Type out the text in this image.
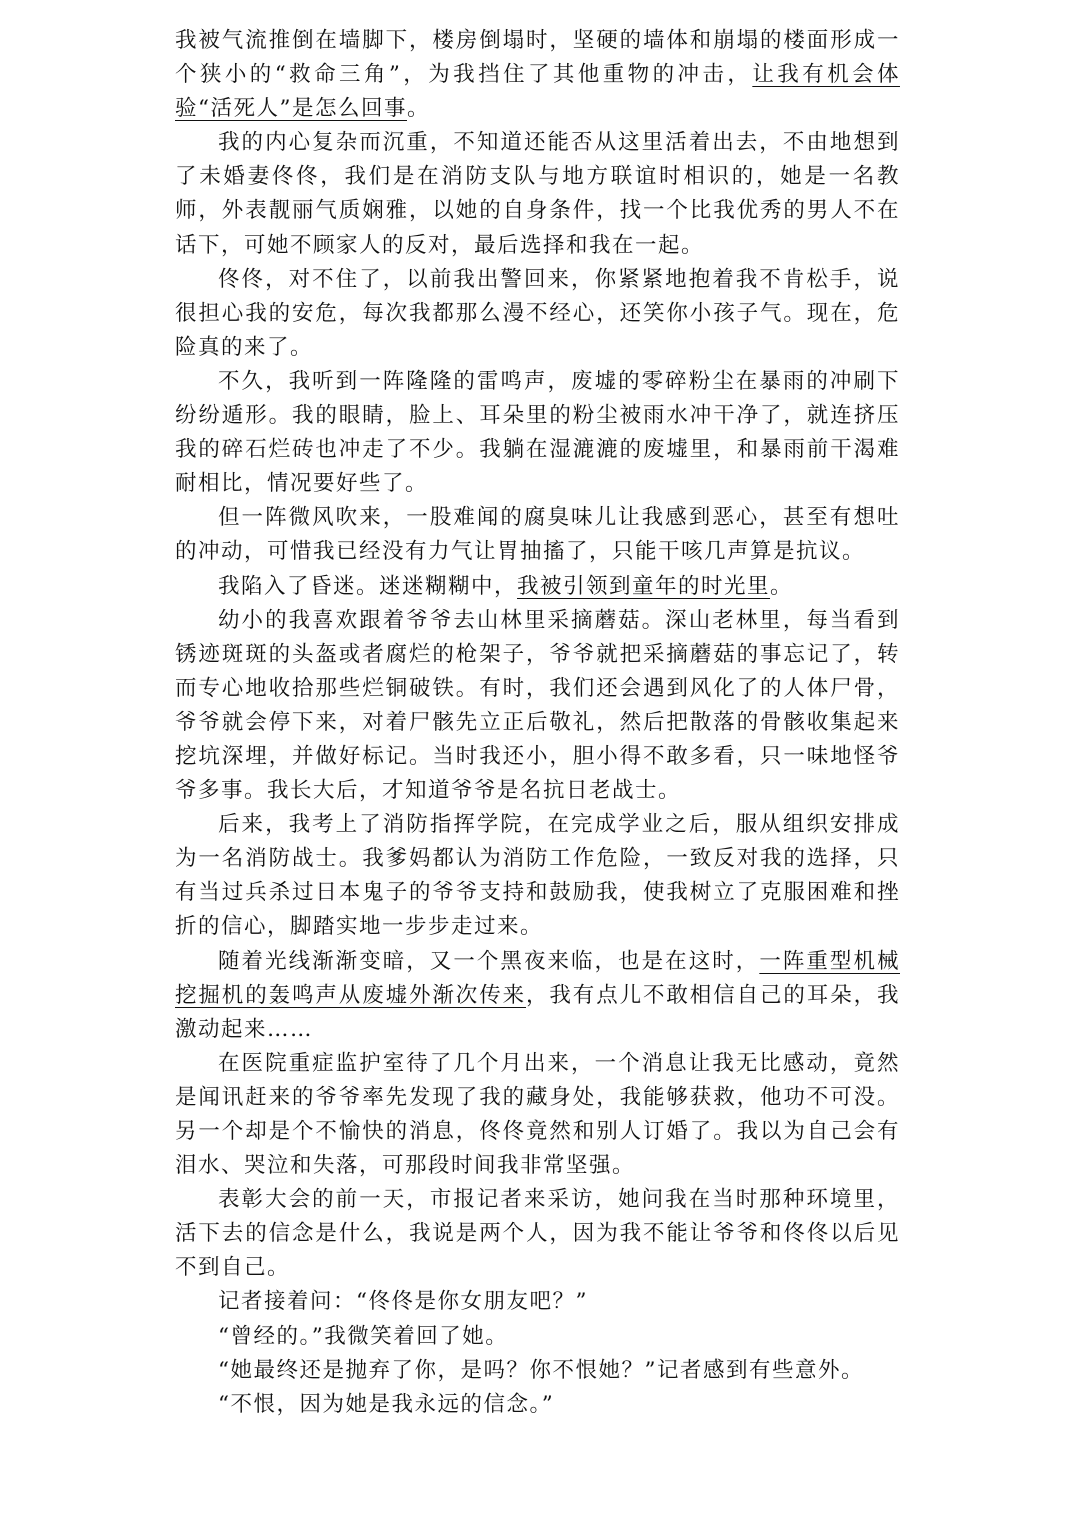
我被气流推倒在墙脚下，楼房倒塌时，坚硬的墙体和崩塌的楼面形成一个狭小的“救命三角”，为我挡住了其他重物的冲击，让我有机会体验“活死人”是怎么回事。

我的内心复杂而沉重，不知道还能否从这里活着出去，不由地想到了未婚妻佟佟，我们是在消防支队与地方联谊时相识的，她是一名教师，外表靓丽气质娴雅，以她的自身条件，找一个比我优秀的男人不在话下，可她不顾家人的反对，最后选择和我在一起。

佟佟，对不住了，以前我出警回来，你紧紧地抱着我不肯松手，说很担心我的安危，每次我都那么漫不经心，还笑你小孩子气。现在，危险真的来了。

不久，我听到一阵隆隆的雷鸣声，废墟的零碎粉尘在暴雨的冲刷下纷纷遁形。我的眼睛，脸上、耳朵里的粉尘被雨水冲干净了，就连挤压我的碎石烂砖也冲走了不少。我躺在湿漉漉的废墟里，和暴雨前干渴难耐相比，情况要好些了。

但一阵微风吹来，一股难闻的腐臭味儿让我感到恶心，甚至有想吐的冲动，可惜我已经没有力气让胃抽搐了，只能干咳几声算是抗议。

我陷入了昏迷。迷迷糊糊中，我被引领到童年的时光里。

幼小的我喜欢跟着爷爷去山林里采摘蘑菇。深山老林里，每当看到锈迹斑斑的头盔或者腐烂的枪架子，爷爷就把采摘蘑菇的事忘记了，转而专心地收拾那些烂铜破铁。有时，我们还会遇到风化了的人体尸骨，爷爷就会停下来，对着尸骸先立正后敬礼，然后把散落的骨骸收集起来挖坑深埋，并做好标记。当时我还小，胆小得不敢多看，只一味地怪爷爷多事。我长大后，才知道爷爷是名抗日老战士。

后来，我考上了消防指挥学院，在完成学业之后，服从组织安排成为一名消防战士。我爹妈都认为消防工作危险，一致反对我的选择，只有当过兵杀过日本鬼子的爷爷支持和鼓励我，使我树立了克服困难和挫折的信心，脚踏实地一步步走过来。

随着光线渐渐变暗，又一个黑夜来临，也是在这时，一阵重型机械挖掘机的轰鸣声从废墟外渐次传来，我有点儿不敢相信自己的耳朵，我激动起来……

在医院重症监护室待了几个月出来，一个消息让我无比感动，竟然是闻讯赶来的爷爷率先发现了我的藏身处，我能够获救，他功不可没。另一个却是个不愉快的消息，佟佟竟然和别人订婚了。我以为自己会有泪水、哭泣和失落，可那段时间我非常坚强。

表彰大会的前一天，市报记者来采访，她问我在当时那种环境里，活下去的信念是什么，我说是两个人，因为我不能让爷爷和佟佟以后见不到自己。

记者接着问：“佟佟是你女朋友吧？”

“曾经的。”我微笑着回了她。

“她最终还是抛弃了你，是吗？你不恨她？”记者感到有些意外。

“不恨，因为她是我永远的信念。”
